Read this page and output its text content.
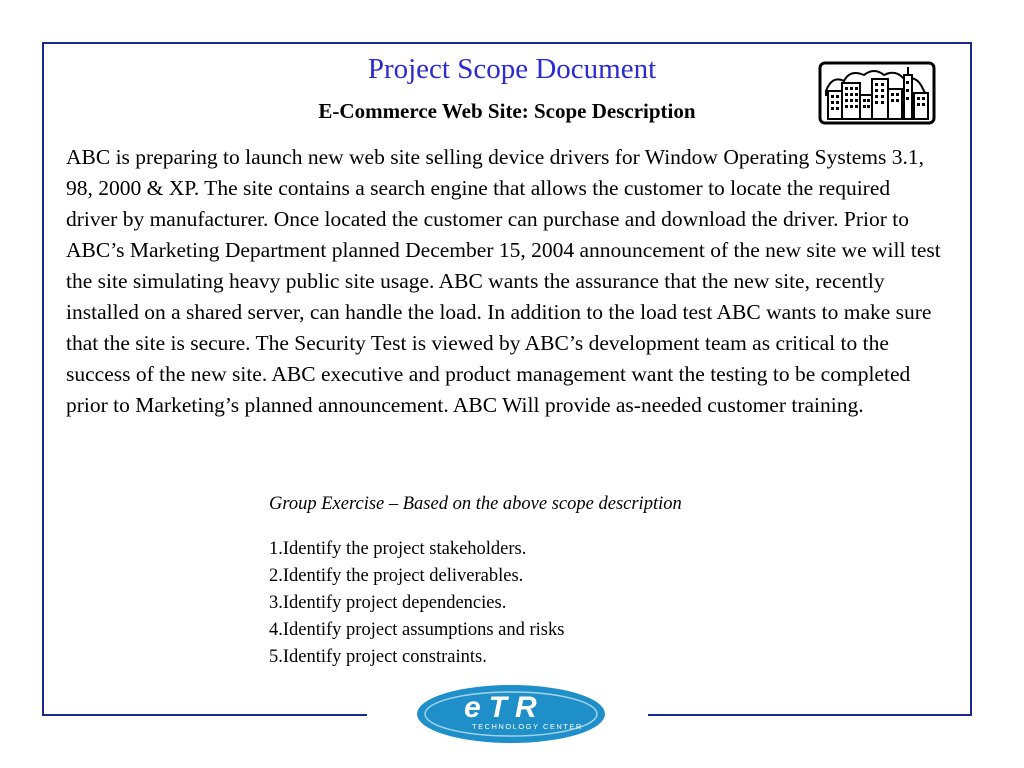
Project Scope Document
E-Commerce Web Site: Scope Description
ABC is preparing to launch new web site selling device drivers for Window Operating Systems 3.1, 98, 2000 & XP. The site contains a search engine that allows the customer to locate the required driver by manufacturer. Once located the customer can purchase and download the driver. Prior to ABC’s Marketing Department planned December 15, 2004 announcement of the new site we will test the site simulating heavy public site usage. ABC wants the assurance that the new site, recently installed on a shared server, can handle the load. In addition to the load test ABC wants to make sure that the site is secure. The Security Test is viewed by ABC’s development team as critical to the success of the new site. ABC executive and product management want the testing to be completed prior to Marketing’s planned announcement. ABC Will provide as-needed customer training.
Group Exercise – Based on the above scope description
1.Identify the project stakeholders.
2.Identify the project deliverables.
3.Identify project dependencies.
4.Identify project assumptions and risks
5.Identify project constraints.
eTR
TECHNOLOGY CENTER
